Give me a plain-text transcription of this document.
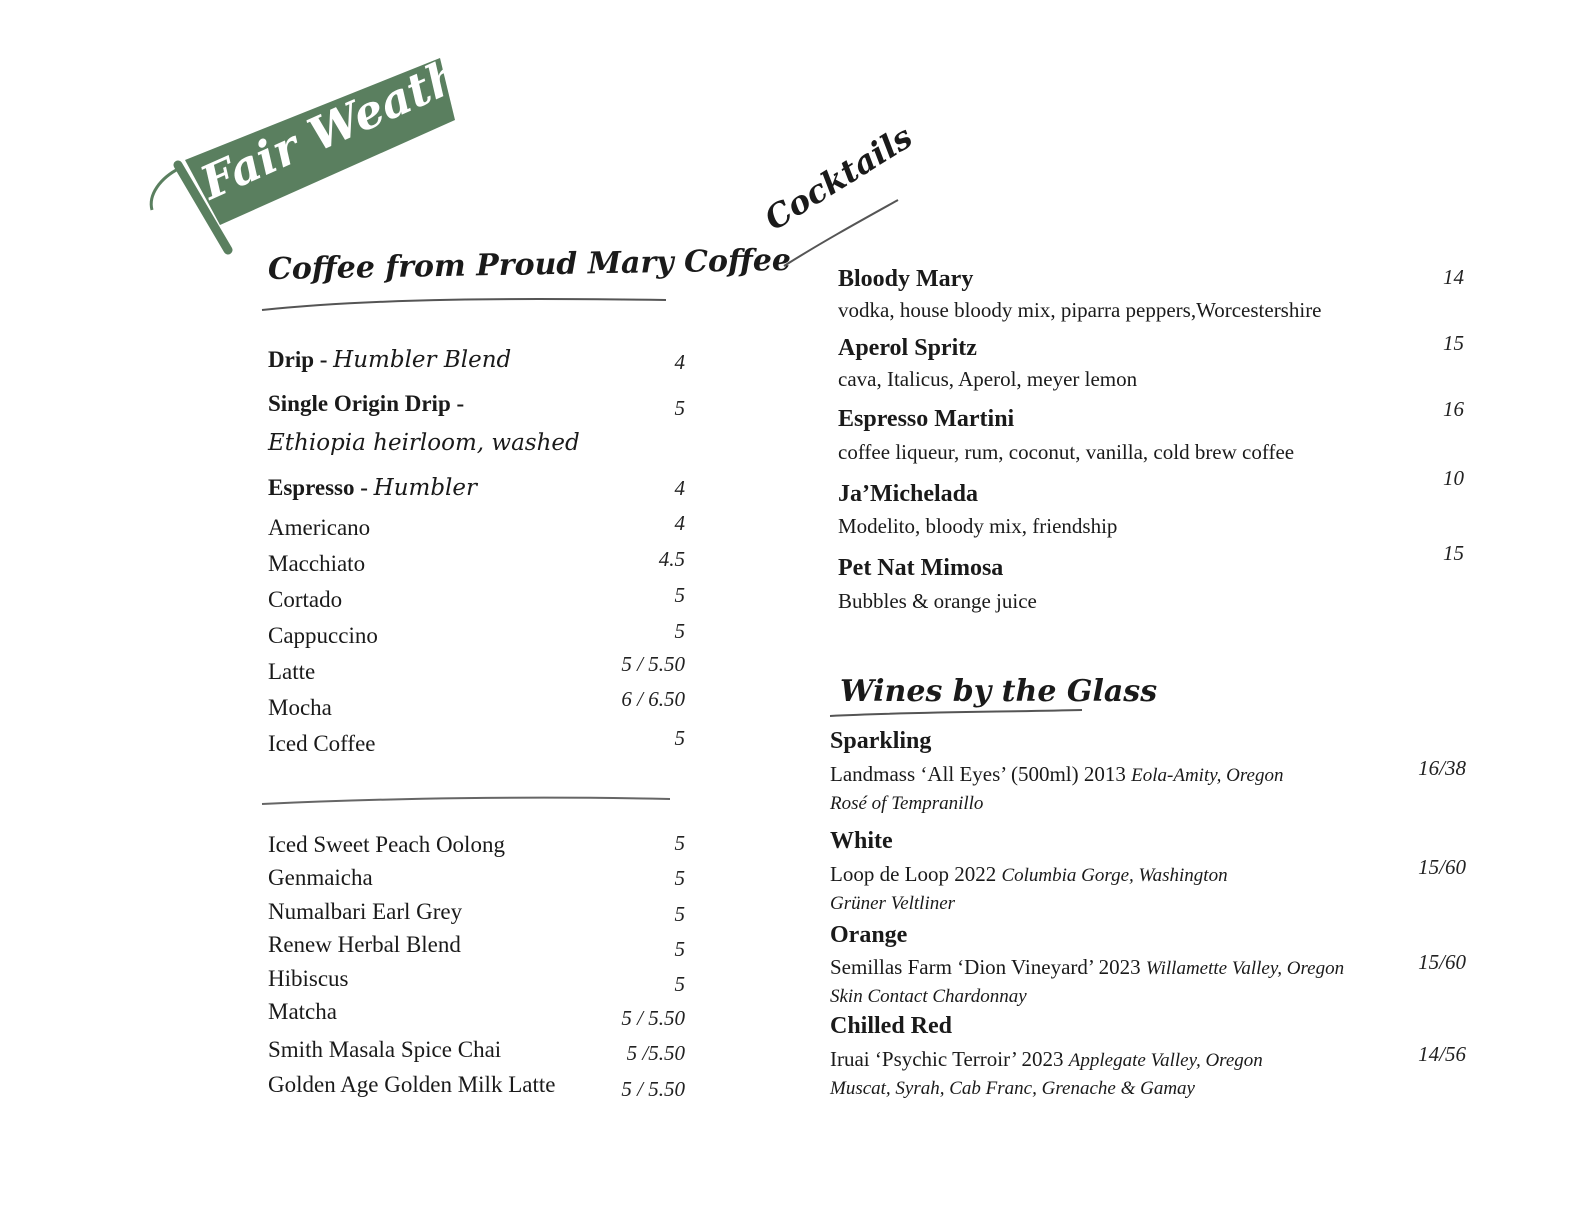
Fair Weather
Coffee from Proud Mary Coffee
Drip - Humbler Blend	4
Single Origin Drip -
Ethiopia heirloom, washed
5
Espresso - Humbler	4
Americano	4
Macchiato	4.5
Cortado	5
Cappuccino	5
Latte	5 / 5.50
Mocha	6 / 6.50
Iced Coffee	5
Iced Sweet Peach Oolong	5
Genmaicha	5
Numalbari Earl Grey	5
Renew Herbal Blend	5
Hibiscus	5
Matcha	5 / 5.50
Smith Masala Spice Chai	5 /5.50
Golden Age Golden Milk Latte	5 / 5.50
Cocktails
Bloody Mary
vodka, house bloody mix, piparra peppers,Worcestershire
14
Aperol Spritz
cava, Italicus, Aperol, meyer lemon
15
Espresso Martini
coffee liqueur, rum, coconut, vanilla, cold brew coffee
16
Ja’Michelada
Modelito, bloody mix, friendship
10
Pet Nat Mimosa
Bubbles & orange juice
15
Wines by the Glass
Sparkling
Landmass ‘All Eyes’ (500ml) 2013 Eola-Amity, Oregon
Rosé of Tempranillo
16/38
White
Loop de Loop 2022 Columbia Gorge, Washington
Grüner Veltliner
15/60
Orange
Semillas Farm ‘Dion Vineyard’ 2023 Willamette Valley, Oregon
Skin Contact Chardonnay
15/60
Chilled Red
Iruai ‘Psychic Terroir’ 2023 Applegate Valley, Oregon
Muscat, Syrah, Cab Franc, Grenache & Gamay
14/56
